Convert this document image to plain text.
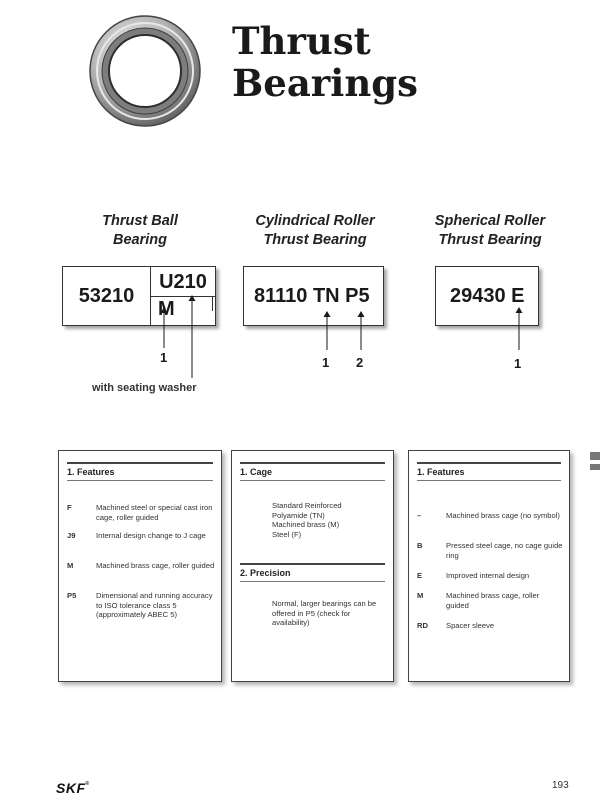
Thrust
Bearings
Thrust Ball
Bearing
Cylindrical Roller
Thrust Bearing
Spherical Roller
Thrust Bearing
53210
U210
M
81110 TN P5	29430 E
1
with seating washer
1 2	1
1. Features
F	Machined steel or special cast iron cage, roller guided
J9	Internal design change to J cage
M	Machined brass cage, roller guided
P5	Dimensional and running accuracy to ISO tolerance class 5 (approximately ABEC 5)
1. Cage
Standard Reinforced
Polyamide (TN)
Machined brass (M)
Steel (F)
2. Precision
Normal, larger bearings can be offered in P5 (check for availability)
1. Features
–	Machined brass cage (no symbol)
B	Pressed steel cage, no cage guide ring
E	Improved internal design
M	Machined brass cage, roller guided
RD	Spacer sleeve
SKF®	193
